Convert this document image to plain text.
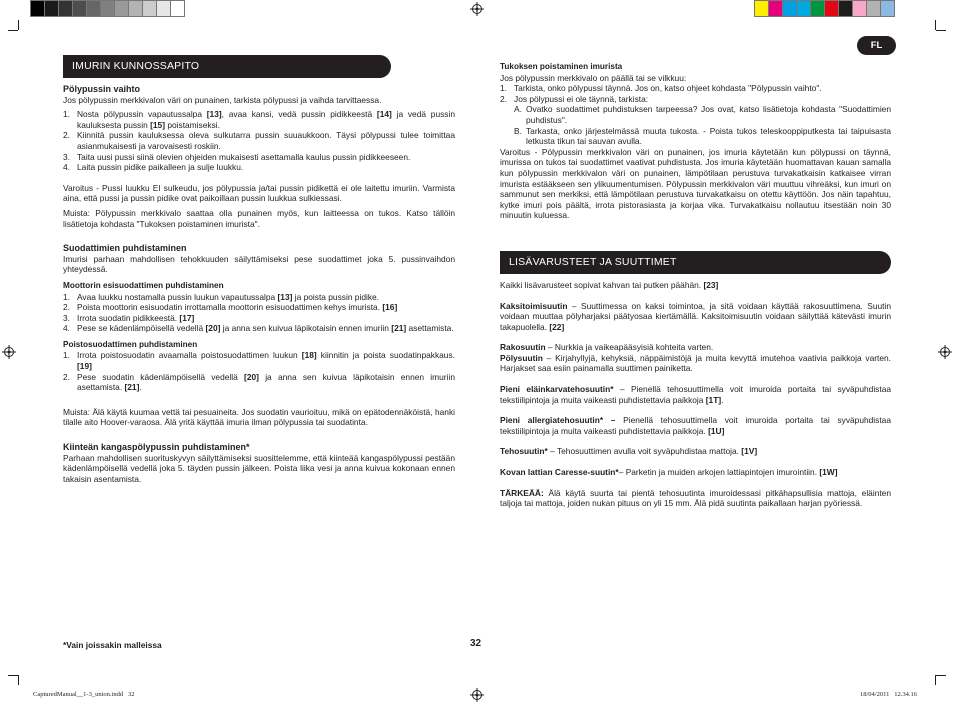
FL
IMURIN KUNNOSSAPITO

Pölypussin vaihto

Jos pölypussin merkkivalon väri on punainen, tarkista pölypussi ja vaihda tarvittaessa.

1. Nosta pölypussin vapautussalpa [13], avaa kansi, vedä pussin pidikkeestä [14] ja vedä pussin kauluksesta pussin [15] poistamiseksi.
2. Kiinnitä pussin kauluksessa oleva sulkutarra pussin suuaukkoon. Täysi pölypussi tulee toimittaa asianmukaisesti ja varovaisesti roskiin.
3. Taita uusi pussi siinä olevien ohjeiden mukaisesti asettamalla kaulus pussin pidikkeeseen.
4. Laita pussin pidike paikalleen ja sulje luukku.

Varoitus - Pussi luukku EI sulkeudu, jos pölypussia ja/tai pussin pidikettä ei ole laitettu imuriin. Varmista aina, että pussi ja pussin pidike ovat paikoillaan pussin luukkua sulkiessasi.

Muista: Pölypussin merkkivalo saattaa olla punainen myös, kun laitteessa on tukos. Katso tällöin lisätietoja kohdasta "Tukoksen poistaminen imurista".

Suodattimien puhdistaminen

Imurisi parhaan mahdollisen tehokkuuden säilyttämiseksi pese suodattimet joka 5. pussinvaihdon yhteydessä.

Moottorin esisuodattimen puhdistaminen

1. Avaa luukku nostamalla pussin luukun vapautussalpa [13] ja poista pussin pidike.
2. Poista moottorin esisuodatin irrottamalla moottorin esisuodattimen kehys imurista. [16]
3. Irrota suodatin pidikkeestä. [17]
4. Pese se kädenlämpöisellä vedellä [20] ja anna sen kuivua läpikotaisin ennen imuriin [21] asettamista.

Poistosuodattimen puhdistaminen

1. Irrota poistosuodatin avaamalla poistosuodattimen luukun [18] kiinnitin ja poista suodatinpakkaus. [19]
2. Pese suodatin kädenlämpöisellä vedellä [20] ja anna sen kuivua läpikotaisin ennen imuriin asettamista. [21].

Muista: Älä käytä kuumaa vettä tai pesuaineita. Jos suodatin vaurioituu, mikä on epätodennäköistä, hanki tilalle aito Hoover-varaosa. Älä yritä käyttää imuria ilman pölypussia tai suodatinta.

Kiinteän kangaspölypussin puhdistaminen*

Parhaan mahdollisen suorituskyvyn säilyttämiseksi suosittelemme, että kiinteää kangaspölypussi pestään kädenlämpöisellä vedellä joka 5. täyden pussin jälkeen. Poista liika vesi ja anna kuivua kokonaan ennen takaisin asentamista.

Tukoksen poistaminen imurista

Jos pölypussin merkkivalo on päällä tai se vilkkuu:

1. Tarkista, onko pölypussi täynnä. Jos on, katso ohjeet kohdasta "Pölypussin vaihto".
2. Jos pölypussi ei ole täynnä, tarkista:
A. Ovatko suodattimet puhdistuksen tarpeessa? Jos ovat, katso lisätietoja kohdasta "Suodattimien puhdistus".
B. Tarkasta, onko järjestelmässä muuta tukosta. - Poista tukos teleskooppiputkesta tai taipuisasta letkusta tikun tai sauvan avulla.

Varoitus - Pölypussin merkkivalon väri on punainen, jos imuria käytetään kun pölypussi on täynnä, imurissa on tukos tai suodattimet vaativat puhdistusta. Jos imuria käytetään huomattavan kauan samalla kun pölypussin merkkivalon väri on punainen, lämpötilaan perustuva turvakatkaisin katkaisee virran imurista estääkseen sen ylikuumentumisen. Pölypussin merkkivalon väri muuttuu vihreäksi, kun imuri on sammunut sen merkiksi, että lämpötilaan perustuva turvakatkaisu on otettu käyttöön. Jos näin tapahtuu, kytke imuri pois päältä, irrota pistorasiasta ja korjaa vika. Turvakatkaisu nollautuu itsestään noin 30 minuutin kuluessa.

LISÄVARUSTEET JA SUUTTIMET

Kaikki lisävarusteet sopivat kahvan tai putken päähän. [23]

Kaksitoimisuutin – Suuttimessa on kaksi toimintoa, ja sitä voidaan käyttää rakosuuttimena. Suutin voidaan muuttaa pölyharjaksi päätyosaa kiertämällä. Kaksitoimisuutin voidaan säilyttää kätevästi imurin takapuolella. [22]

Rakosuutin – Nurkkia ja vaikeapääsyisiä kohteita varten.
Pölysuutin – Kirjahyllyjä, kehyksiä, näppäimistöjä ja muita kevyttä imutehoa vaativia paikkoja varten. Harjakset saa esiin painamalla suuttimen painiketta.

Pieni eläinkarvatehosuutin* – Pienellä tehosuuttimella voit imuroida portaita tai syväpuhdistaa tekstiilipintoja ja muita vaikeasti puhdistettavia paikkoja [1T].

Pieni allergiatehosuutin* – Pienellä tehosuuttimella voit imuroida portaita tai syväpuhdistaa tekstiilipintoja ja muita vaikeasti puhdistettavia paikkoja. [1U]

Tehosuutin* – Tehosuuttimen avulla voit syväpuhdistaa mattoja. [1V]

Kovan lattian Caresse-suutin*– Parketin ja muiden arkojen lattiapintojen imurointiin. [1W]

TÄRKEÄÄ: Älä käytä suurta tai pientä tehosuutinta imuroidessasi pitkähapsullisia mattoja, eläinten taljoja tai mattoja, joiden nukan pituus on yli 15 mm. Älä pidä suutinta paikallaan harjan pyöriessä.

*Vain joissakin malleissa	32
CapturedManual__1-3_union.indd   32	18/04/2011   12.34.16
